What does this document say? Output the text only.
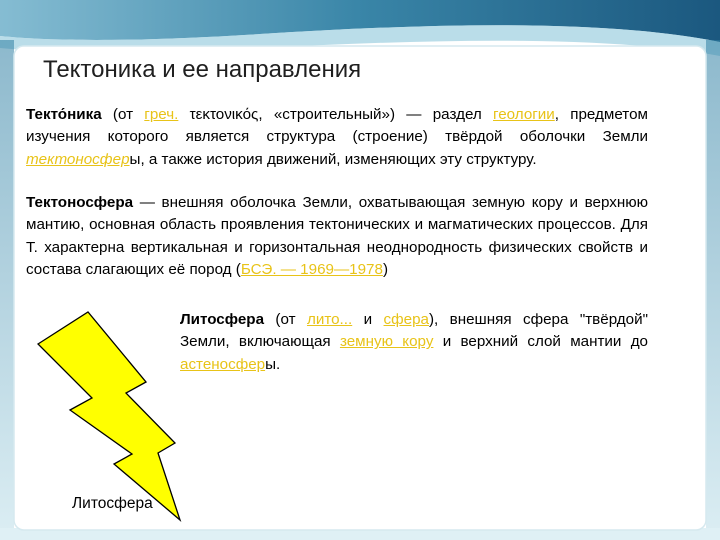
Тектоника и ее направления
Текто́ника (от греч. τεκτονικός, «строительный») — раздел геологии, предметом изучения которого является структура (строение) твёрдой оболочки Земли тектоносферы, а также история движений, изменяющих эту структуру.
Тектоносфера — внешняя оболочка Земли, охватывающая земную кору и верхнюю мантию, основная область проявления тектонических и магматических процессов. Для Т. характерна вертикальная и горизонтальная неоднородность физических свойств и состава слагающих её пород (БСЭ. — 1969—1978)
Литосфера (от лито... и сфера), внешняя сфера "твёрдой" Земли, включающая земную кору и верхний слой мантии до астеносферы.
Литосфера
